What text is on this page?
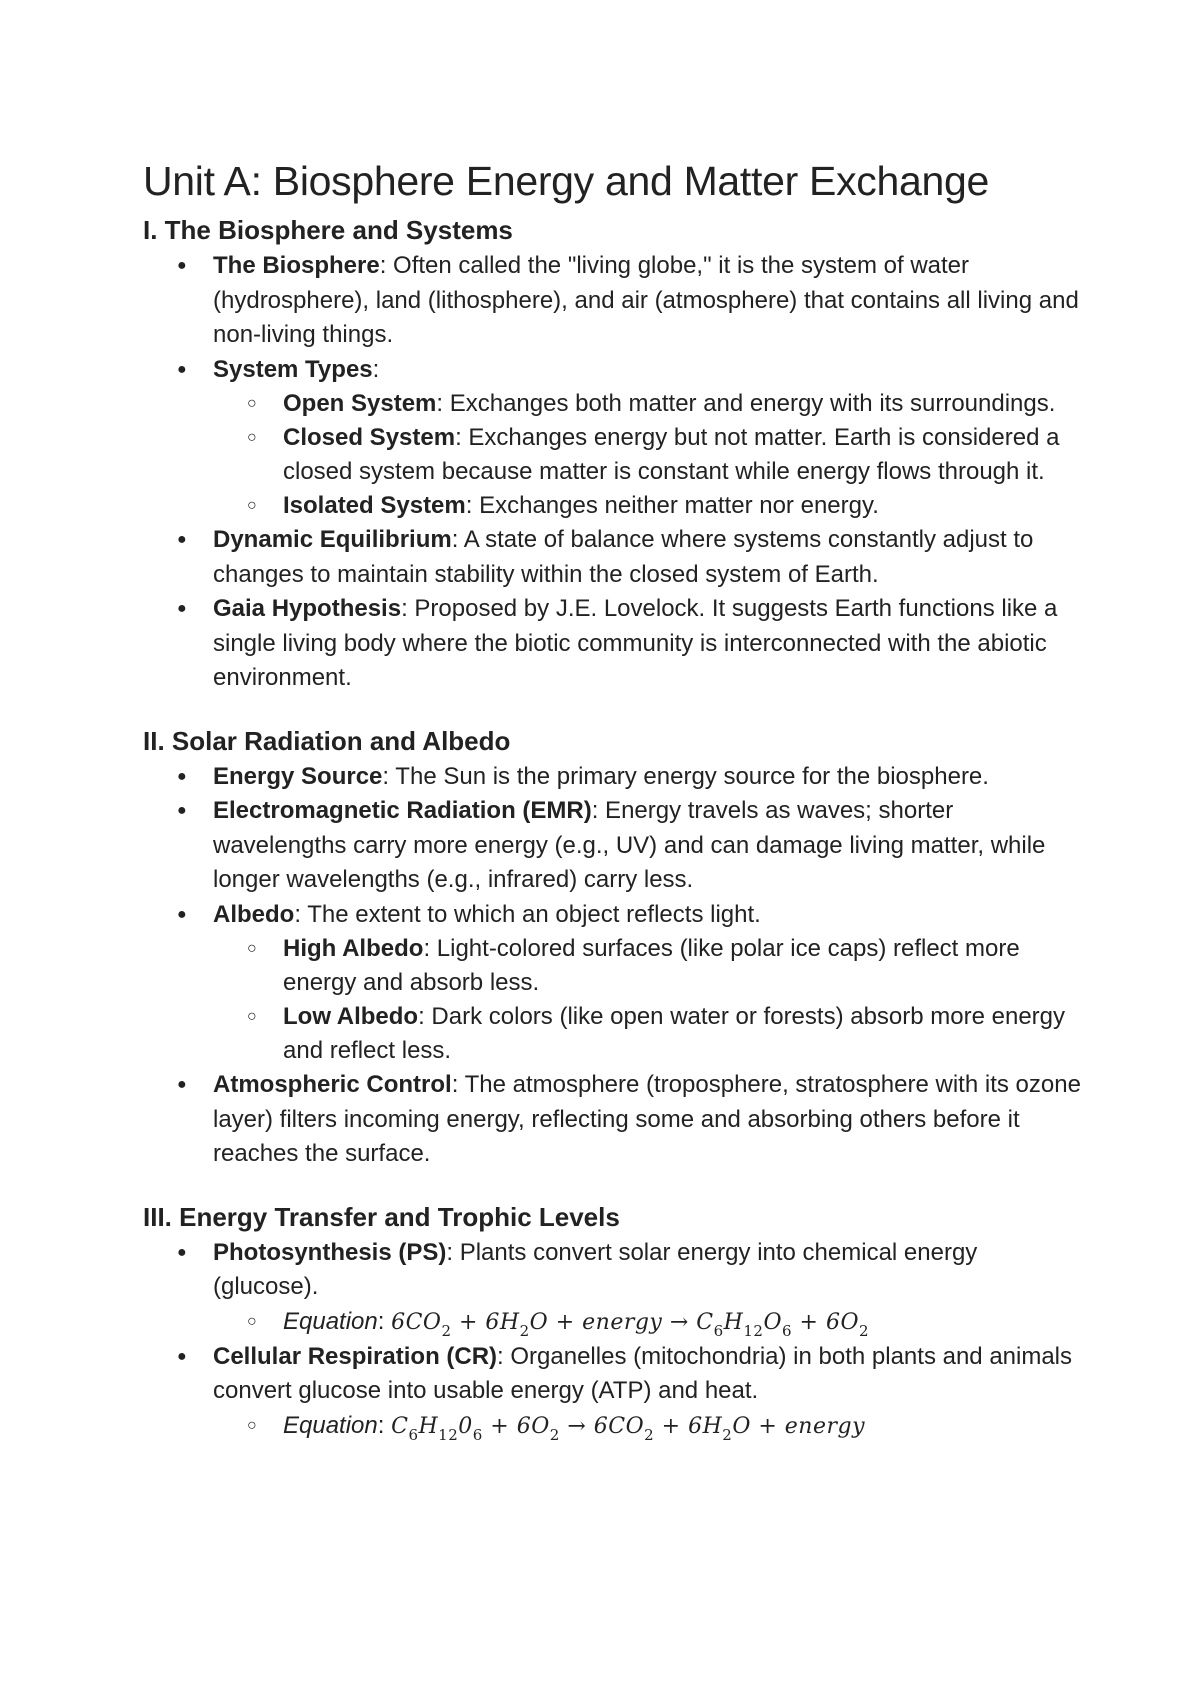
Unit A: Biosphere Energy and Matter Exchange
I. The Biosphere and Systems
● The Biosphere: Often called the "living globe," it is the system of water (hydrosphere), land (lithosphere), and air (atmosphere) that contains all living and non-living things.
● System Types:
○ Open System: Exchanges both matter and energy with its surroundings.
○ Closed System: Exchanges energy but not matter. Earth is considered a closed system because matter is constant while energy flows through it.
○ Isolated System: Exchanges neither matter nor energy.
● Dynamic Equilibrium: A state of balance where systems constantly adjust to changes to maintain stability within the closed system of Earth.
● Gaia Hypothesis: Proposed by J.E. Lovelock. It suggests Earth functions like a single living body where the biotic community is interconnected with the abiotic environment.
II. Solar Radiation and Albedo
● Energy Source: The Sun is the primary energy source for the biosphere.
● Electromagnetic Radiation (EMR): Energy travels as waves; shorter wavelengths carry more energy (e.g., UV) and can damage living matter, while longer wavelengths (e.g., infrared) carry less.
● Albedo: The extent to which an object reflects light.
○ High Albedo: Light-colored surfaces (like polar ice caps) reflect more energy and absorb less.
○ Low Albedo: Dark colors (like open water or forests) absorb more energy and reflect less.
● Atmospheric Control: The atmosphere (troposphere, stratosphere with its ozone layer) filters incoming energy, reflecting some and absorbing others before it reaches the surface.
III. Energy Transfer and Trophic Levels
● Photosynthesis (PS): Plants convert solar energy into chemical energy (glucose).
○ Equation: $6CO_2 + 6H_2O$ + energy → $C_6H_{12}O_6 + 6O_2$
● Cellular Respiration (CR): Organelles (mitochondria) in both plants and animals convert glucose into usable energy (ATP) and heat.
○ Equation: $C_6H_{12}0_6 + 6O_2 \to 6CO_2 + 6H_2O$ + energy
